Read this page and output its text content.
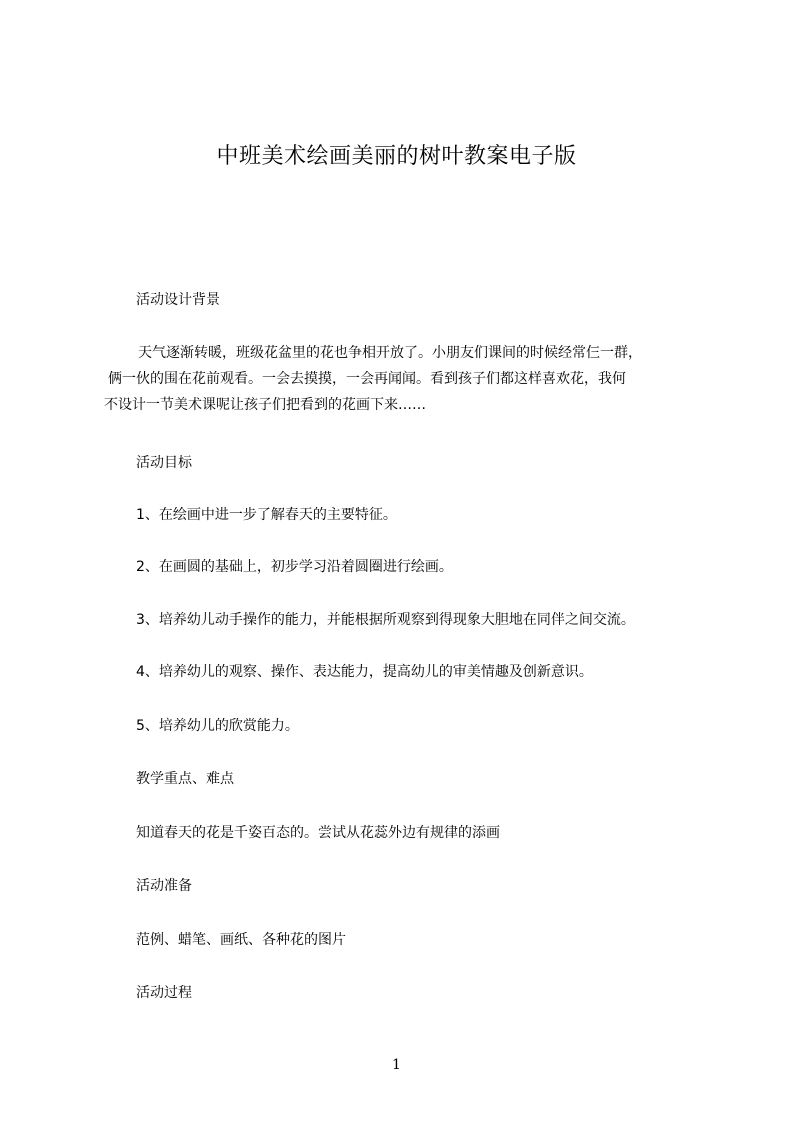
中班美术绘画美丽的树叶教案电子版

活动设计背景

天气逐渐转暖，班级花盆里的花也争相开放了。小朋友们课间的时候经常仨一群，
俩一伙的围在花前观看。一会去摸摸，一会再闻闻。看到孩子们都这样喜欢花，我何
不设计一节美术课呢让孩子们把看到的花画下来……

活动目标

1、在绘画中进一步了解春天的主要特征。

2、在画圆的基础上，初步学习沿着圆圈进行绘画。

3、培养幼儿动手操作的能力，并能根据所观察到得现象大胆地在同伴之间交流。

4、培养幼儿的观察、操作、表达能力，提高幼儿的审美情趣及创新意识。

5、培养幼儿的欣赏能力。

教学重点、难点

知道春天的花是千姿百态的。尝试从花蕊外边有规律的添画

活动准备

范例、蜡笔、画纸、各种花的图片

活动过程

1
